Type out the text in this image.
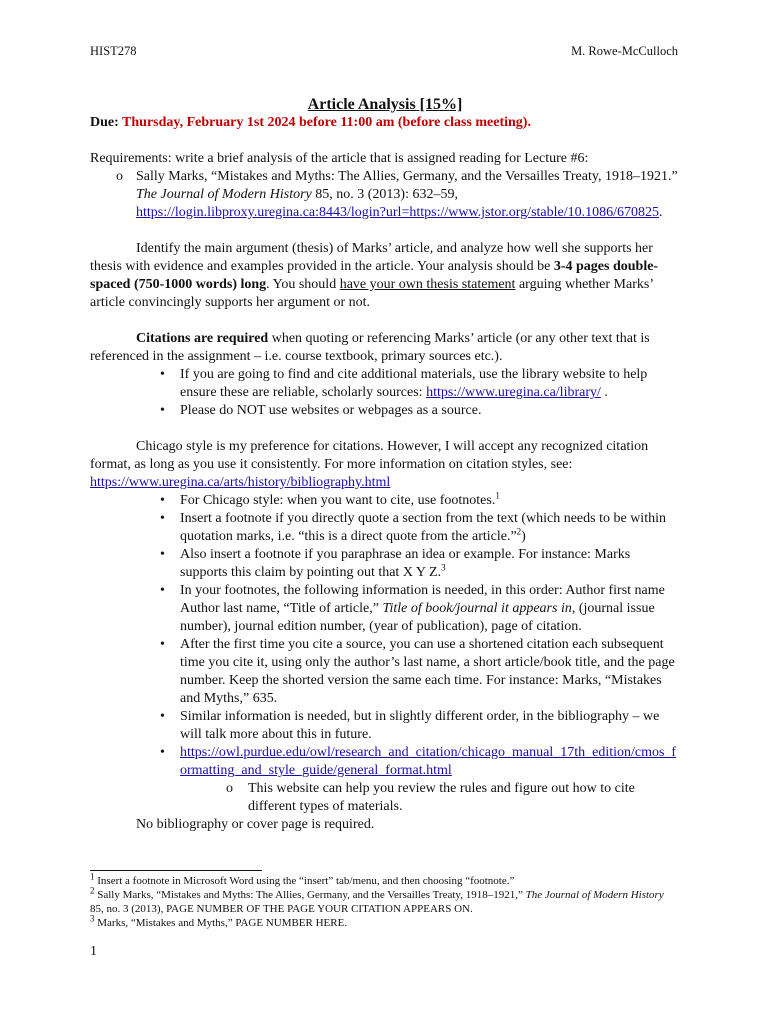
HIST278	M. Rowe-McCulloch

Article Analysis [15%]

Due: Thursday, February 1st 2024 before 11:00 am (before class meeting).

Requirements: write a brief analysis of the article that is assigned reading for Lecture #6:

o Sally Marks, “Mistakes and Myths: The Allies, Germany, and the Versailles Treaty, 1918–1921.” The Journal of Modern History 85, no. 3 (2013): 632–59, https://login.libproxy.uregina.ca:8443/login?url=https://www.jstor.org/stable/10.1086/670825.

Identify the main argument (thesis) of Marks’ article, and analyze how well she supports her thesis with evidence and examples provided in the article. Your analysis should be 3-4 pages double-spaced (750-1000 words) long. You should have your own thesis statement arguing whether Marks’ article convincingly supports her argument or not.

Citations are required when quoting or referencing Marks’ article (or any other text that is referenced in the assignment – i.e. course textbook, primary sources etc.).

• If you are going to find and cite additional materials, use the library website to help ensure these are reliable, scholarly sources: https://www.uregina.ca/library/ .
• Please do NOT use websites or webpages as a source.

Chicago style is my preference for citations. However, I will accept any recognized citation format, as long as you use it consistently. For more information on citation styles, see: https://www.uregina.ca/arts/history/bibliography.html

• For Chicago style: when you want to cite, use footnotes.$^1$
• Insert a footnote if you directly quote a section from the text (which needs to be within quotation marks, i.e. “this is a direct quote from the article.”$^2$)
• Also insert a footnote if you paraphrase an idea or example. For instance: Marks supports this claim by pointing out that X Y Z.$^3$
• In your footnotes, the following information is needed, in this order: Author first name Author last name, “Title of article,” Title of book/journal it appears in, (journal issue number), journal edition number, (year of publication), page of citation.
• After the first time you cite a source, you can use a shortened citation each subsequent time you cite it, using only the author’s last name, a short article/book title, and the page number. Keep the shorted version the same each time. For instance: Marks, “Mistakes and Myths,” 635.
• Similar information is needed, but in slightly different order, in the bibliography – we will talk more about this in future.
• https://owl.purdue.edu/owl/research_and_citation/chicago_manual_17th_edition/cmos_formatting_and_style_guide/general_format.html
o This website can help you review the rules and figure out how to cite different types of materials.

No bibliography or cover page is required.

$^1$ Insert a footnote in Microsoft Word using the “insert” tab/menu, and then choosing “footnote.”

$^2$ Sally Marks, “Mistakes and Myths: The Allies, Germany, and the Versailles Treaty, 1918–1921,” The Journal of Modern History 85, no. 3 (2013), PAGE NUMBER OF THE PAGE YOUR CITATION APPEARS ON.

$^3$ Marks, “Mistakes and Myths,” PAGE NUMBER HERE.

1
